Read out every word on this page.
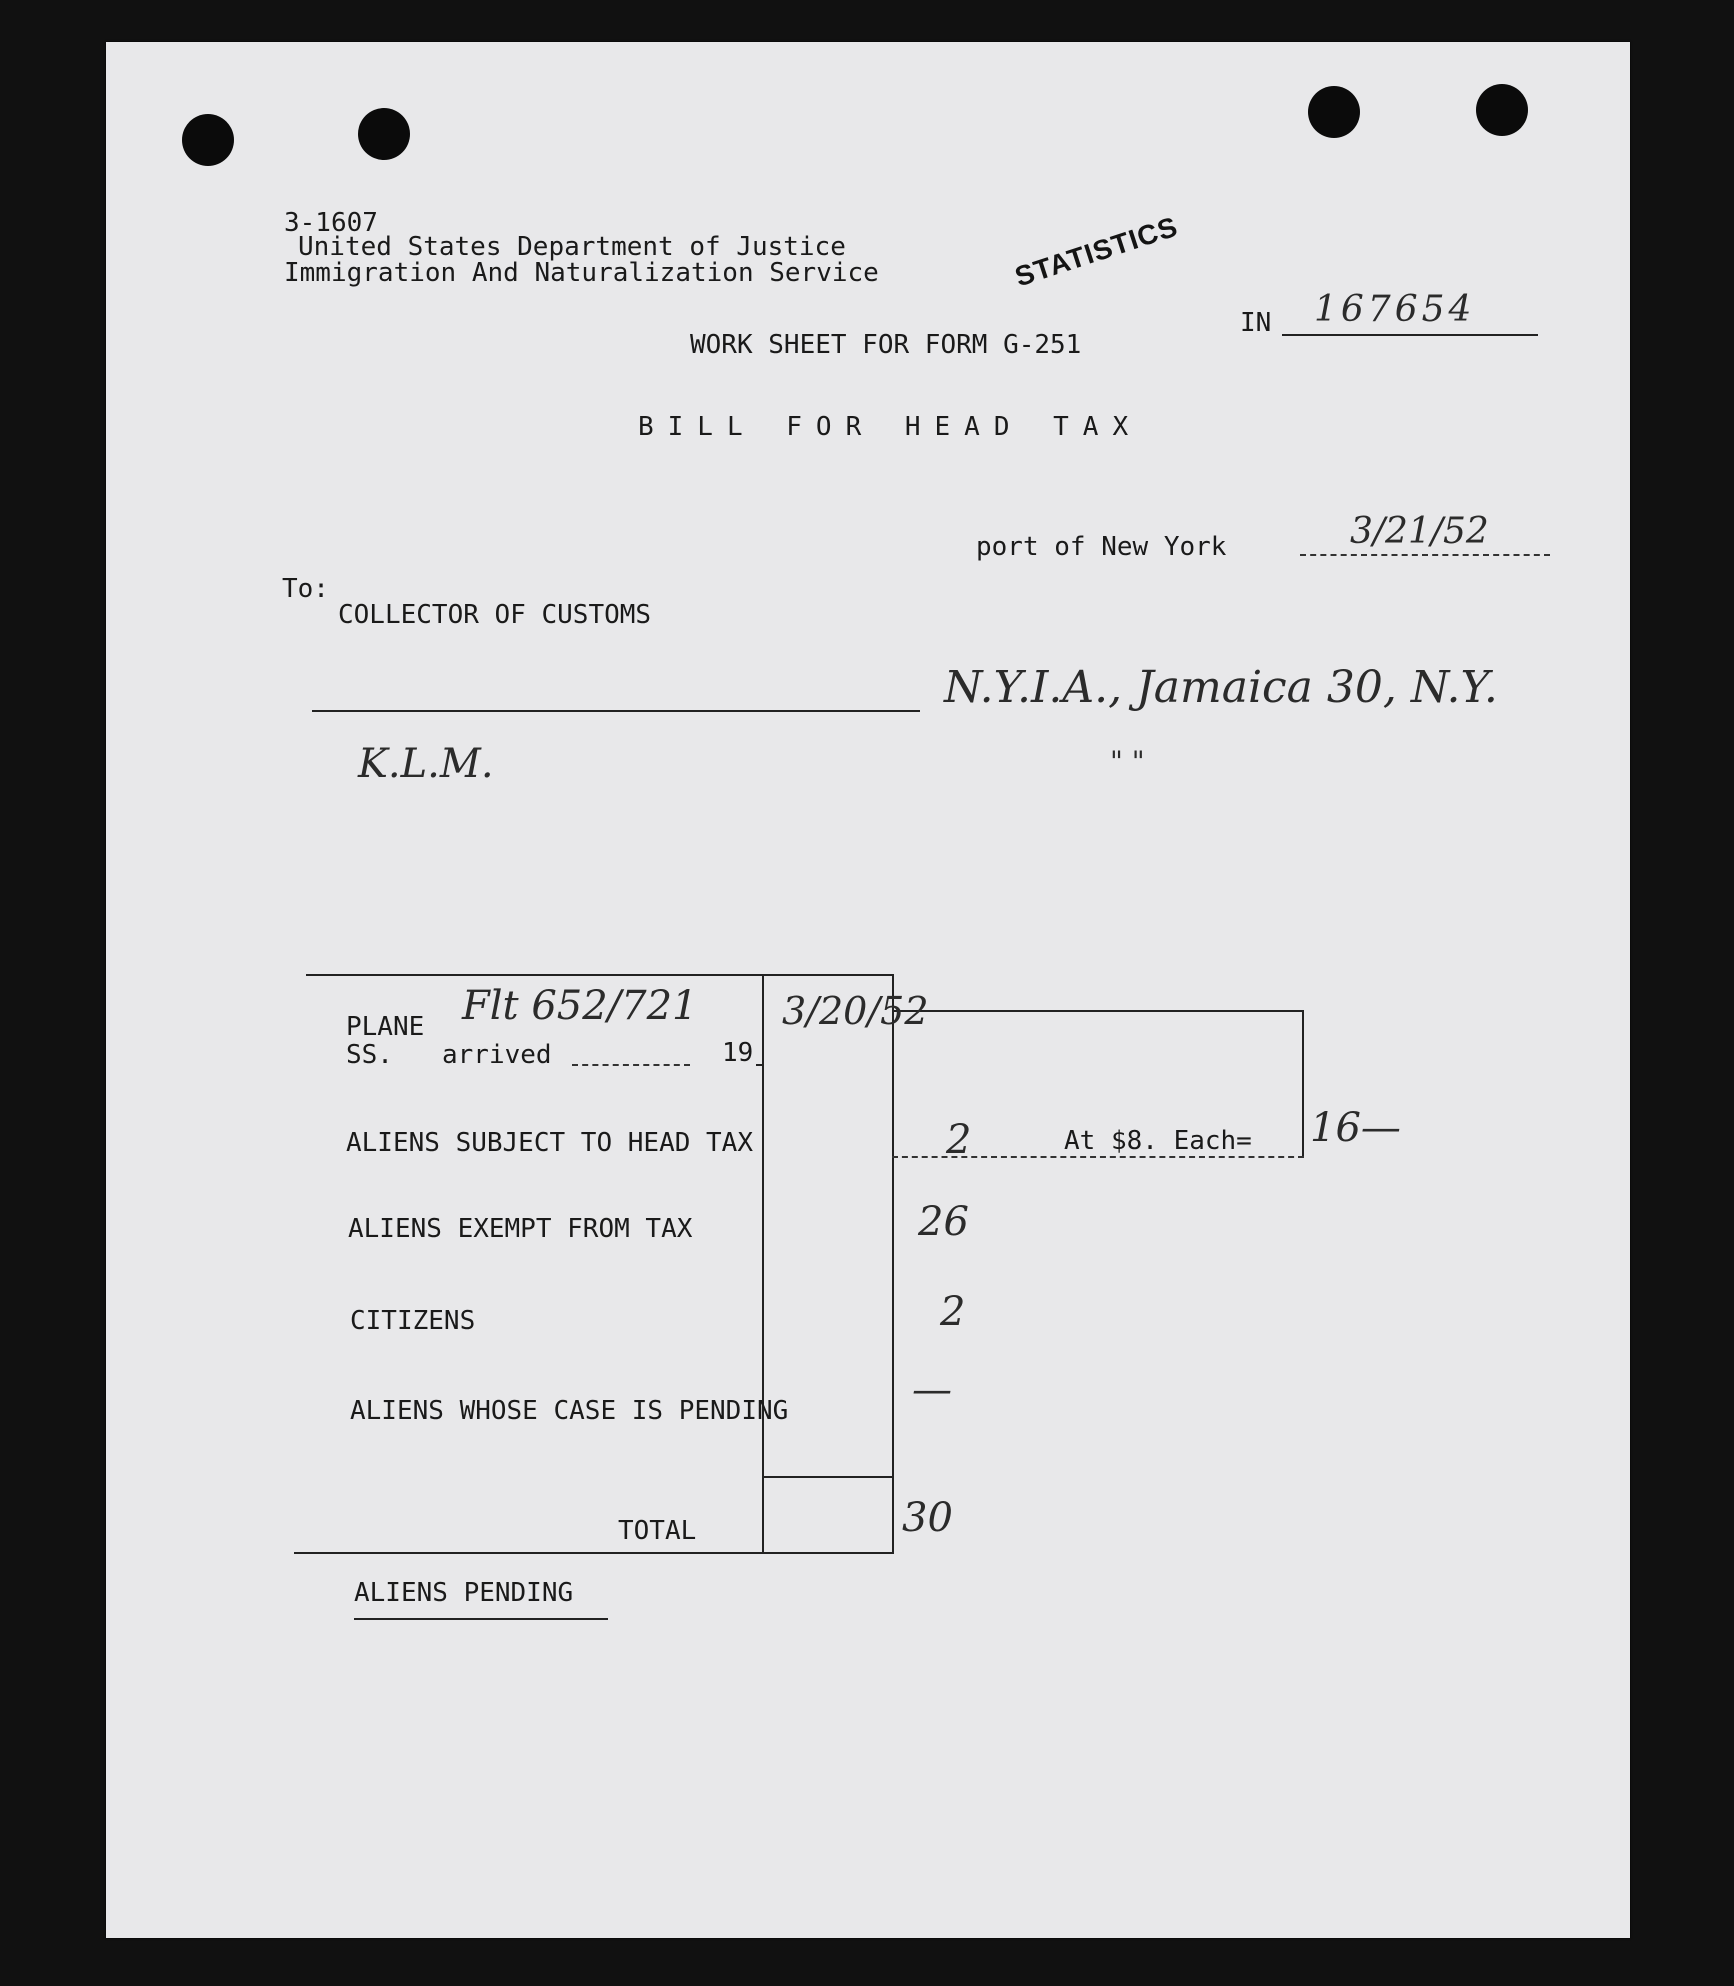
3-1607
United States Department of Justice
Immigration And Naturalization Service	STATISTICS
IN 167654
WORK SHEET FOR FORM G-251
BILL FOR HEAD TAX
port of New York	3/21/52
To:
COLLECTOR OF CUSTOMS
N.Y.I.A., Jamaica 30, N.Y.
K.L.M.	" "
PLANE Flt 652/721
SS. arrived	19
3/20/52
ALIENS SUBJECT TO HEAD TAX	2	At $8. Each= 16—
ALIENS EXEMPT FROM TAX	26
CITIZENS	2
ALIENS WHOSE CASE IS PENDING	—
TOTAL	30
ALIENS PENDING
